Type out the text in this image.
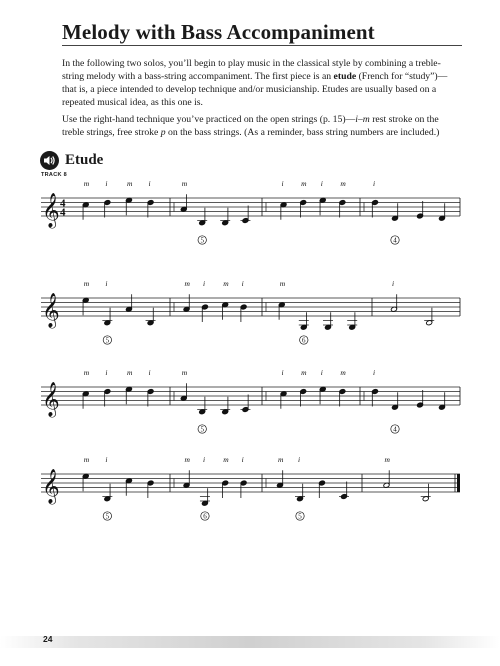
Melody with Bass Accompaniment

In the following two solos, you’ll begin to play music in the classical style by combining a treble-
string melody with a bass-string accompaniment. The first piece is an etude (French for “study”)—
that is, a piece intended to develop technique and/or musicianship. Etudes are usually based on a
repeated musical idea, as this one is.

Use the right-hand technique you’ve practiced on the open strings (p. 15)—i–m rest stroke on the
treble strings, free stroke p on the bass strings. (As a reminder, bass string numbers are included.)

Etude
TRACK 8
𝄞 4
4
m i	m i	m
5
i m i m	i
4
𝄞
m i
5
m i m i	m
6
i
𝄞
m i	m i	m
5
i m i m	i
4
𝄞
m i
5
m i m i
6
m i
5
m
24
